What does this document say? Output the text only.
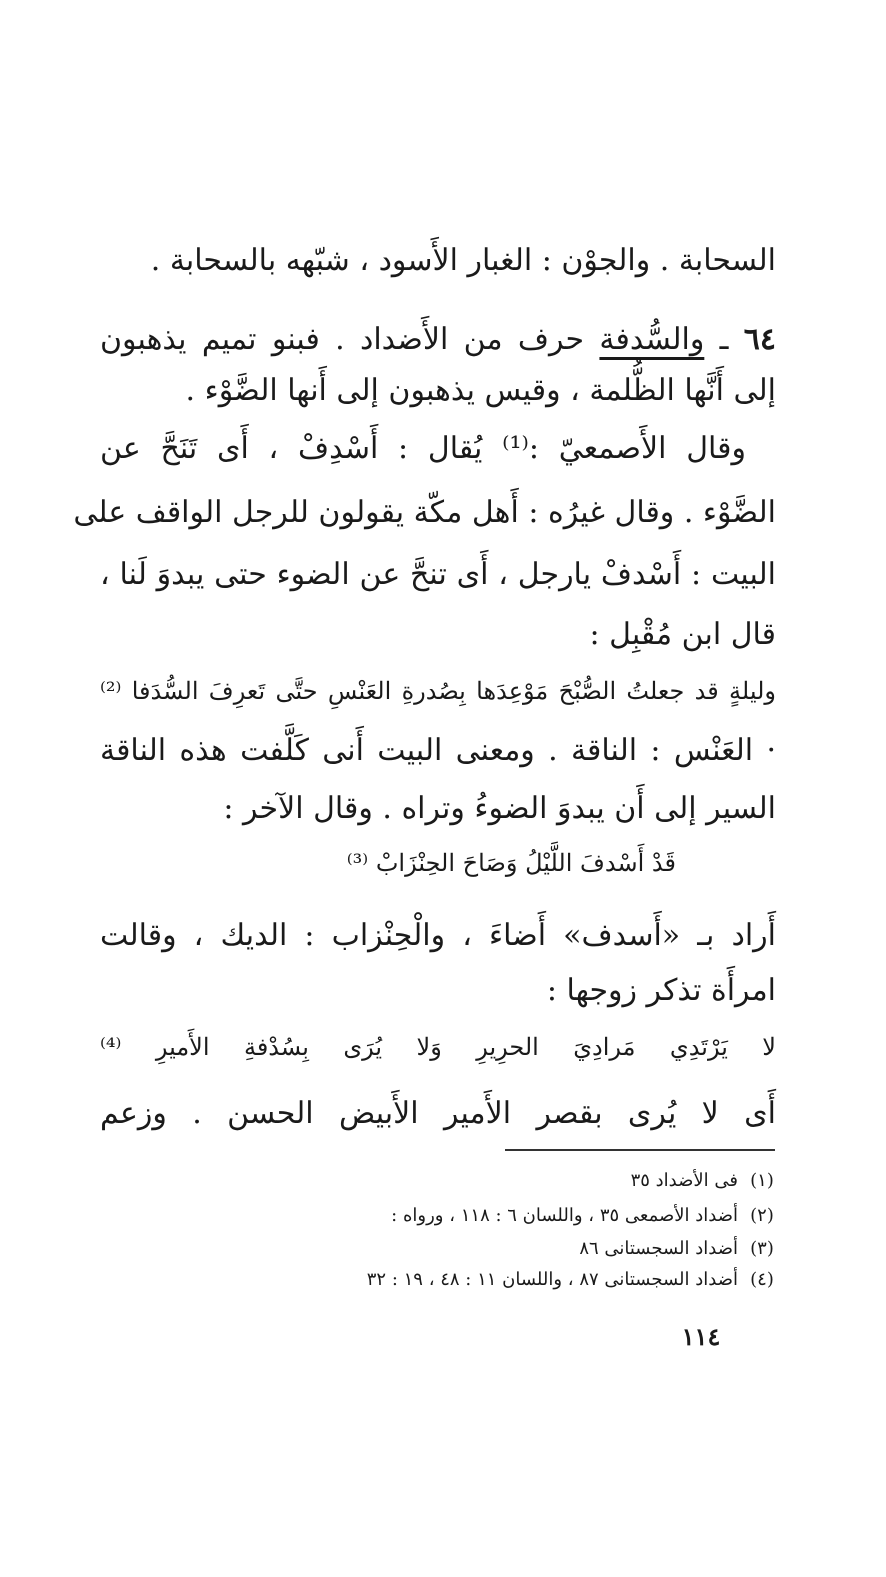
السحابة . والجوْن : الغبار الأَسود ، شبّهه بالسحابة .
٦٤ ـ والسُّدفة حرف من الأَضداد . فبنو تميم يذهبون
إلى أَنَّها الظُّلمة ، وقيس يذهبون إلى أَنها الضَّوْء .
وقال الأَصمعيّ :⁽¹⁾ يُقال : أَسْدِفْ ، أَى تَنَحَّ عن
الضَّوْء . وقال غيرُه : أَهل مكّة يقولون للرجل الواقف على
البيت : أَسْدفْ يارجل ، أَى تنحَّ عن الضوء حتى يبدوَ لَنا ،
قال ابن مُقْبِل :
وليلةٍ قد جعلتُ الصُّبْحَ مَوْعِدَها بِصُدرةِ العَنْسِ حتَّى تَعرِفَ السُّدَفا ⁽²⁾
· العَنْس : الناقة . ومعنى البيت أَنى كَلَّفت هذه الناقة
السير إلى أَن يبدوَ الضوءُ وتراه . وقال الآخر :
قَدْ أَسْدفَ اللَّيْلُ وَصَاحَ الحِنْزَابْ ⁽³⁾
أَراد بـ «أَسدف» أَضاءَ ، والْحِنْزاب : الديك ، وقالت
امرأَة تذكر زوجها :
لا يَرْتَدِي مَرادِيَ الحرِيرِ وَلا يُرَى بِسُدْفةِ الأَميرِ ⁽⁴⁾
أَى لا يُرى بقصر الأَمير الأَبيض الحسن . وزعم
(١)فى الأضداد ٣٥
(٢)أضداد الأصمعى ٣٥ ، واللسان ٦ : ١١٨ ، ورواه :
(٣)أضداد السجستانى ٨٦
(٤)أضداد السجستانى ٨٧ ، واللسان ١١ : ٤٨ ، ١٩ : ٣٢
١١٤
